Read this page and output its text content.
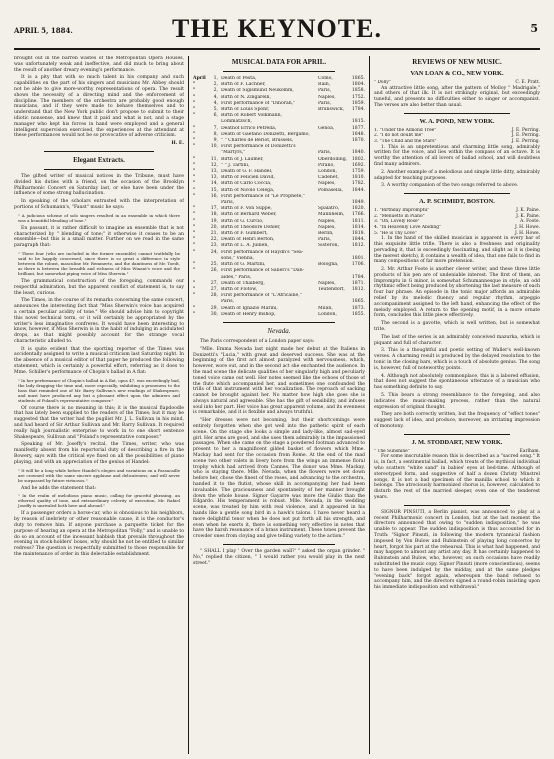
APRIL 5, 1884.	THE KEYNOTE.	5

brought out in the barren wastes of the Metropolitan Opera Houses, was unfortunately weak and ineffective, and did much to bring about the result of another dreary evening's performance.

It is a pity that with so much talent in his company and such capabilities on the part of his singers and musicians Mr. Abbey should not be able to give more-worthy representations of opera. The result shows the necessity of a directing mind and the enforcement of discipline. The members of the orchestra are probably good enough musicians, and if they were made to behave themselves and to understand that the New York public don't propose to submit to their idiotic nonsense, and knew that it paid and what is not, and a stage manager who kept his forces in hand were employed and a general intelligent supervision exercised, the experiences at the attendant at these performances would not be so provocative of adverse criticism.

H. E.
Elegant Extracts.

The gifted writer of musical notices in the Tribune, must have divided his duties with a friend, on the occasion of the Brooklyn Philharmonic Concert on Saturday last, or else have been under the influence of some strong hallucination.

In speaking of the scholars entrusted with the interpretation of portions of Schumann's, "Faust" music he says:

" A judicious scheme of solo singers resulted in an ensemble in which there was a beautiful blending of tone."

En passant, it is rather difficult to imagine an ensemble that is not characterized by " blending of tone;" it otherwise it ceases to be an ensemble—but this is a small matter. Further on we read in the same paragraph that:

" These four (who are included in the former ensemble) cannot truthfully be said to be happily concerned, since there is so great a difference in style between the robust, masculine Mr. Remmertz, and the daintiness of Mr. Toedt, as there is between the breadth and richness of Miss Winant's voice and the brilliant, but somewhat piping voice of Miss Sherwin."

The grammatical construction of the foregoing, commands our respectful admiration, but the apparent conflict of statement is, to say the least, curious.

The Times, in the course of its remarks concerning the same concert, announces the interesting fact that "Miss Sherwin's voice has acquired a certain peculiar acidity of tone." We should advise him to copyright this novel technical term, or it will certainly be appropriated by the writer's less imaginative confreres. It would have been interesting to know, however, if Miss Sherwin is in the habit of indulging in acidulated drops, as that might possibly account for the strange vocal characteristic alluded to.

It is quite evident that the sporting reporter of the Times was accidentally assigned to write a musical criticism last Saturday night. In the absence of a musical editor of that paper he produced the following statement, which is certainly a powerful effort, referring as it does to Mme. Schiller's performance of Chopin's ballad in A flat:

" In her performance of Chopin's ballad in A flat, opus 47, was exceedingly bad, the lady dragging the time and, more especially, exhibiting a proneness to the bass that reminded one of Mr. Barry Sullivan's new readings of Shakespeare, and must have produced any but a pleasant effect upon the admirers and students of Poland's representative composer."

Of course there is no meaning in this; it is the musical flapdoodle that has lately been supplied to the readers of the Times; but it may be suggested that the writer had the pugilist Mr. J. L. Sullivan in his mind, and had heard of Sir Arthur Sullivan and Mr. Barry Sullivan. It required really high journalistic enterprise to work in to one short sentence Shakespeare, Sullivan and "Poland's representative composer."

Speaking of Mr. Joseffy's recital, the Times, writer, who was manifestly absent from his reportorial duty of describing a fire in the Bowery, says with the critical eye fixed on all the possibilities of piano playing, and with an appreciation of the genius of Handel:

" It will be a long while before Handel's elegies and variations on a Passacaille are crowned with the same sincere applause and delicateness, and will never be surpassed by future virtuosos."

And he adds the statement that:

" In the realm of melodious piano music, calling for graceful phrasing, an ethereal quality of tone, and extraordinary celerity of execution, Mr. Rafael Joseffy is unrivaled both here and abroad."

If a passenger orders a horse-car, who is obnoxious to his neighbors, by reason of inebriety or other reasonable cause, it is the conductor's duty to remove him. If anyone purchase a parquette ticket for the purpose of hearing an opera at the Metropolitan "Folly," and is unable to do so on account of the incessant babbish that prevails throughout the evening in stock-holders' boxes, why should he not be entitled to similar redress? The question is respectfully submitted to those responsible for the maintenance of order in this delectable establishment.

MUSICAL DATA FOR APRIL.
April	1, Death of Pesta,	Como,	1865.
"	2, Birth of F. Lachner,	Rain,	1804.
"	2, Death of Sigismund Neukomm,	Paris,	1858.
"	4, Birth of N. Zingarelli,	Naples,	1752.
"	4, First performance of "Dinorah,"	Paris,	1859.
"	5, Birth of Louis Spohr,	Brunswick,	1784.
"	6, Birth of Robert Volkmann,
Lommatzsch,	1815.
"	7, Deathof Errico Petrella,	Genoa,	1877.
"	8, Death of Gaetano Donizetti, Bergamo,	1848.
"	9, " " Charles de Beriot, Brussels,	1870.
"	10, First performance of Donizetti's
"Martyrs,"	Paris,	1840.
"	11, Birth of J. Laumer,	Oberdolling,	1802.
"	12, " " J. Tartini,	Pirano,	1692.
"	13, Death of G. F. Handel,	London,	1759.
"	13, Birth of Felicien David,	Cadenet,	1810.
"	14, Birth of Carlo Coccia,	Naples,	1782.
"	15, Birth of Nicolo Celega,	Polbasella,	1844.
"	16, First performance of "Le Prophete,"
Paris,	1849.
"	17, Birth of F. Von Suppe,	Spalatro,	1820.
"	18, Birth of Bernard Weber,	Mannheim,	1766.
"	19, Birth of G. Curcio,	Naples,	1811.
"	20, Birth of Theodore Dohler,	Naples,	1814.
"	21, Birth of F. Gumbert,	Berlin,	1818.
"	22, Death of Henri Berton,	Paris,	1844.
"	23, Birth of L. A. Jullien,	Sisteron,	1812.
"	24, First performance of Haydn's "Sea-
sons," Vienna,	1801.
"	25, Birth of G. Martini,	Bologna,	1706.
"	26, First performance of Salieri's "Dan-
aides," Paris,	1784.
"	27, Death of Thalberg,	Naples,	1871.
"	27, Birth of Flotow,	Teutendorf,	1812.
"	28, First performance of "L'Africaine,"
Paris,	1865.
"	29, Death of Ignazio Marini,	Milan,	1873.
"	30, Death of Henry Bishop,	London,	1855.
Nevada.

The Paris correspondent of a London paper says:

"Mlle. Emma Nevada last night made her debut at the Italiens in Donizetti's "Lucia," with great and deserved success. She was at the beginning of the first act almost paralyzed with nervousness, which, however, wore out, and in the second act she enchanted the audience. In the mad scene the delicate qualities of her singularly high and peculiarly toned voice came out well. Her notes seemed like the echoes of those of the flute which accompanied her, and sometimes one confounded the trills of that instrument with her vocalization. The reproach of sacking cannot be brought against her. No matter how high she goes she is always natural and agreeable. She has the gift of sensibility, and infuses soul into her part. Her voice has great apparent volume, and its evenness is remarkable, and it is flexible and always truthful.

"Her dresses were not becoming, but their shortcomings were entirely forgotten when she got well into the pathetic spirit of each scene. On the stage she looks a simple and lady-like, almost sad-eyed girl. Her arms are good, and she uses them admirably in the impassioned passages. When she came on the stage a powdered footman advanced to present to her a magnificent gilded basket of flowers which Mme. Mackay had sent for the occasion from Rome. At the end of the mad scene two other valets in livery bore from the wings an immense floral trophy which had arrived from Cannes. The donor was Mme. Mackay, who is staying there. Mlle. Nevada, when the flowers were set down before her, chose the finest of the roses, and advancing to the orchestra, handed it to the flutist, whose skill in accompanying her had been invaluable. The graciousness and spontaneity of her manner brought down the whole house. Signor Gayarre was more the Giulio than the Edgardo. His temperament is robust. Mlle. Nevada, in the wedding scene, was treated by him with real violence, and it appeared in his hands like a gentle song bird in a hawk's talons. I have never heard a more delightful tenor when he does not put forth all his strength, and even when he exerts it, there is something very effective in notes that have the harsh resonance of a brass instrument. These tones prevent the crowder ones from cloying and give telling variety to the action."

" SHALL I play ' Over the garden wall?' " asked the organ grinder. " No," replied the citizen, " I would rather you would play in the next street."

REVIEWS OF NEW MUSIC.
VAN LOAN & CO., NEW YORK.
" Dolly"	C. E. Pratt.

An attractive little song, after the pattern of Molloy " Madrigale," and others of that ilk. It is not strikingly original, but exceedingly tuneful, and presents no difficulties either to singer or accompanist. The verses are also better than usual.

W. A. POND, NEW YORK.
1. "Under the Almond Tree"	J. E. Perring.
2. "I do not doubt me"	J. E. Perring.
3. "The Child and the Stars"	J. E. Perring.

1. This is an unpretentious and charming little song, admirably written for the voice, and lies within the compass of an octave. It is worthy the attention of all lovers of ballad school, and will doubtless find many admirers.

2. Another example of a melodious and simple little ditty, admirably adapted for teaching purposes.

3. A worthy companion of the two songs referred to above.

A. P. SCHMIDT, BOSTON.
1. "Birthday Impromptu"	J. K. Paine.
2. "Menuetto in Piano"	J. K. Paine.
3. "Oh, Lovely Rose"	A. Foote.
4. "In Heavenly Love Abiding"	J. H. Howe.
5. "He is Thy Love"	J. H. Howe.

1. In the hand of the skilled musician is apparent in every bar of this exquisite little trifle. There is also a freshness and originality pervading it, that is exceedingly fascinating, and slight as it is (being the merest sketch), it contains a wealth of idea, that one fails to find in many compositions of far more pretension.

2. Mr. Arthur Foote is another clever writer, and these three little products of his pen are of undeniable interest. The first of them, an Impromptu in G minor, is somewhat Schumannesque in style, an odd rhythmic effect being produced by shortening the last measure of each four bar phrase. An episode in the tonic major affords an admirable relief by its melodic fluency and regular rhythm, arpeggio accompaniment assigned to the left hand, enhancing the effect of the melody employed. A return to the opening motif, in a more ornate form, concludes this little piece effectively.

The second is a gavotte, which is well written, but is somewhat trite.

The last of the series is an admirably conceived mazurka, which is piquant and full of character.

3. This is a thoughtful and poetic setting of Waller's well-known verses. A charming result is produced by the delayed resolution to the tonic in the closing bars, which is a touch of absolute genius. The song is, however, full of noteworthy points.

4. Although not absolutely commonplace, this is a labored effusion, that does not suggest the spontaneous utterance of a musician who has something definite to say.

5. This bears a strong resemblance to the foregoing, and also indicates the music-making process, rather than the natural expression of original thought.

They are both correctly written, but the frequency of "effect tones" suggest lack of idea, and produce, moreover, an irritating impression of monotony.

J. M. STODDART, NEW YORK.
" The Sunshine"	Earlham.

For some inscrutable reason this is described as a "sacred song." It is, in fact, a sentimental ballad, which treats of the mythical individual who scatters "white sand" in babies' eyes at bed-time. Although of stereotyped form, and suggestive of half a dozen Christy Minstrel songs, it is not a bad specimen of the manilla school to which it belongs. The atrociously harmonized chorus is, however, calculated to disturb the rest of the married sleeper, even one of the tenderest years.

SIGNOR PINSUTI, a Berlin pianist, was announced to play at a recent Philharmonic concert in London, but at the last moment the directors announced that owing to "sudden indisposition," he was unable to appear. The sudden indisposition is thus accounted for in Truth: "Signor Pinsuti, in following the modern tyrannical fashion imposed by Von Bulow and Rubinstein of playing long concertos by heart, forgot his part at the rehearsal. This is what had happened, and may happen to almost any artist any day. It has certainly happened to Rubinstein and Bulow, who, however, on such occasions have readily substituted the music copy. Signor Pinsuti (more conscientious), seems to have been indulged by the midday, and at the same pledges "evening back" forgot again, whereupon the band refused to accompany him, and the directors signed a round-robin insisting upon his immediate indisposition and withdrawal."
